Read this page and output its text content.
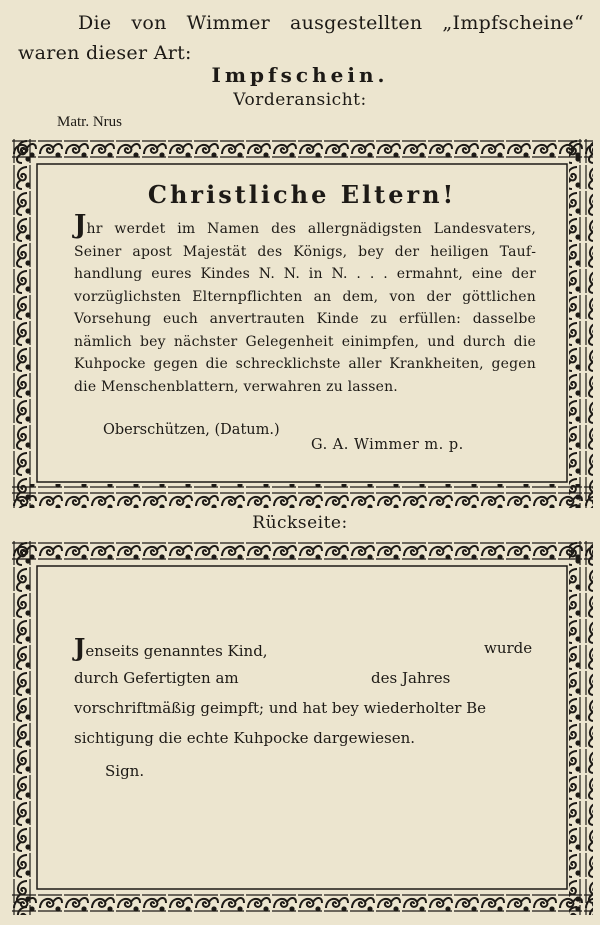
Die von Wimmer ausgestellten „Impfscheine“ waren dieser Art:
Impfschein.
Vorderansicht:
Matr. Nrus
Christliche Eltern!
Jhr werdet im Namen des allergnädigsten Landesvaters, Seiner apost Majestät des Königs, bey der heiligen Taufhandlung eures Kindes N. N. in N. . . . ermahnt, eine der vorzüglichsten Elternpflichten an dem, von der göttlichen Vorsehung euch anvertrauten Kinde zu erfüllen: dasselbe nämlich bey nächster Gelegenheit einimpfen, und durch die Kuhpocke gegen die schrecklichste aller Krankheiten, gegen die Menschenblattern, verwahren zu lassen.
Oberschützen, (Datum.)
G. A. Wimmer m. p.
Rückseite:
Jenseits genanntes Kind,	wurde
durch Gefertigten am	des Jahres
vorschriftmäßig geimpft; und hat bey wiederholter Be
sichtigung die echte Kuhpocke dargewiesen.
Sign.
